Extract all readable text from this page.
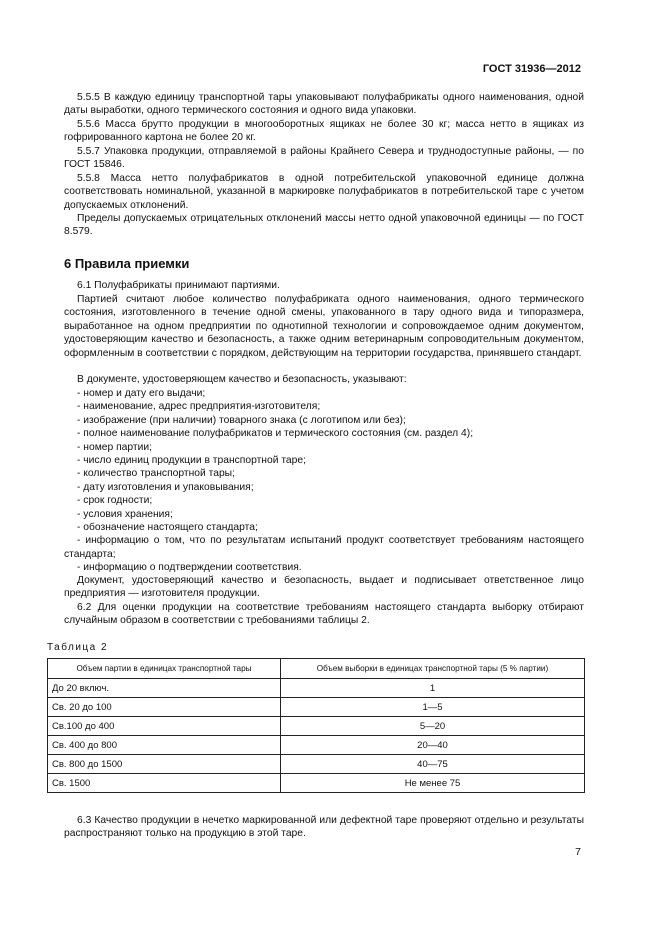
ГОСТ 31936—2012

5.5.5 В каждую единицу транспортной тары упаковывают полуфабрикаты одного наименования, одной даты выработки, одного термического состояния и одного вида упаковки.

5.5.6 Масса брутто продукции в многооборотных ящиках не более 30 кг; масса нетто в ящиках из гофрированного картона не более 20 кг.

5.5.7 Упаковка продукции, отправляемой в районы Крайнего Севера и труднодоступные районы, — по ГОСТ 15846.

5.5.8 Масса нетто полуфабрикатов в одной потребительской упаковочной единице должна соответствовать номинальной, указанной в маркировке полуфабрикатов в потребительской таре с учетом допускаемых отклонений.

Пределы допускаемых отрицательных отклонений массы нетто одной упаковочной единицы — по ГОСТ 8.579.

6 Правила приемки

6.1 Полуфабрикаты принимают партиями.

Партией считают любое количество полуфабриката одного наименования, одного термического состояния, изготовленного в течение одной смены, упакованного в тару одного вида и типоразмера, выработанное на одном предприятии по однотипной технологии и сопровождаемое одним документом, удостоверяющим качество и безопасность, а также одним ветеринарным сопроводительным документом, оформленным в соответствии с порядком, действующим на территории государства, принявшего стандарт.

В документе, удостоверяющем качество и безопасность, указывают:

- номер и дату его выдачи;
- наименование, адрес предприятия-изготовителя;
- изображение (при наличии) товарного знака (с логотипом или без);
- полное наименование полуфабрикатов и термического состояния (см. раздел 4);
- номер партии;
- число единиц продукции в транспортной таре;
- количество транспортной тары;
- дату изготовления и упаковывания;
- срок годности;
- условия хранения;
- обозначение настоящего стандарта;
- информацию о том, что по результатам испытаний продукт соответствует требованиям настоящего стандарта;
- информацию о подтверждении соответствия.

Документ, удостоверяющий качество и безопасность, выдает и подписывает ответственное лицо предприятия — изготовителя продукции.

6.2 Для оценки продукции на соответствие требованиям настоящего стандарта выборку отбирают случайным образом в соответствии с требованиями таблицы 2.

Таблица 2
Объем партии в единицах транспортной тары	Объем выборки в единицах транспортной тары (5 % партии)
До 20 включ.	1
Св. 20 до 100	1—5
Св.100 до 400	5—20
Св. 400 до 800	20—40
Св. 800 до 1500	40—75
Св. 1500	Не менее 75

6.3 Качество продукции в нечетко маркированной или дефектной таре проверяют отдельно и результаты распространяют только на продукцию в этой таре.

7
